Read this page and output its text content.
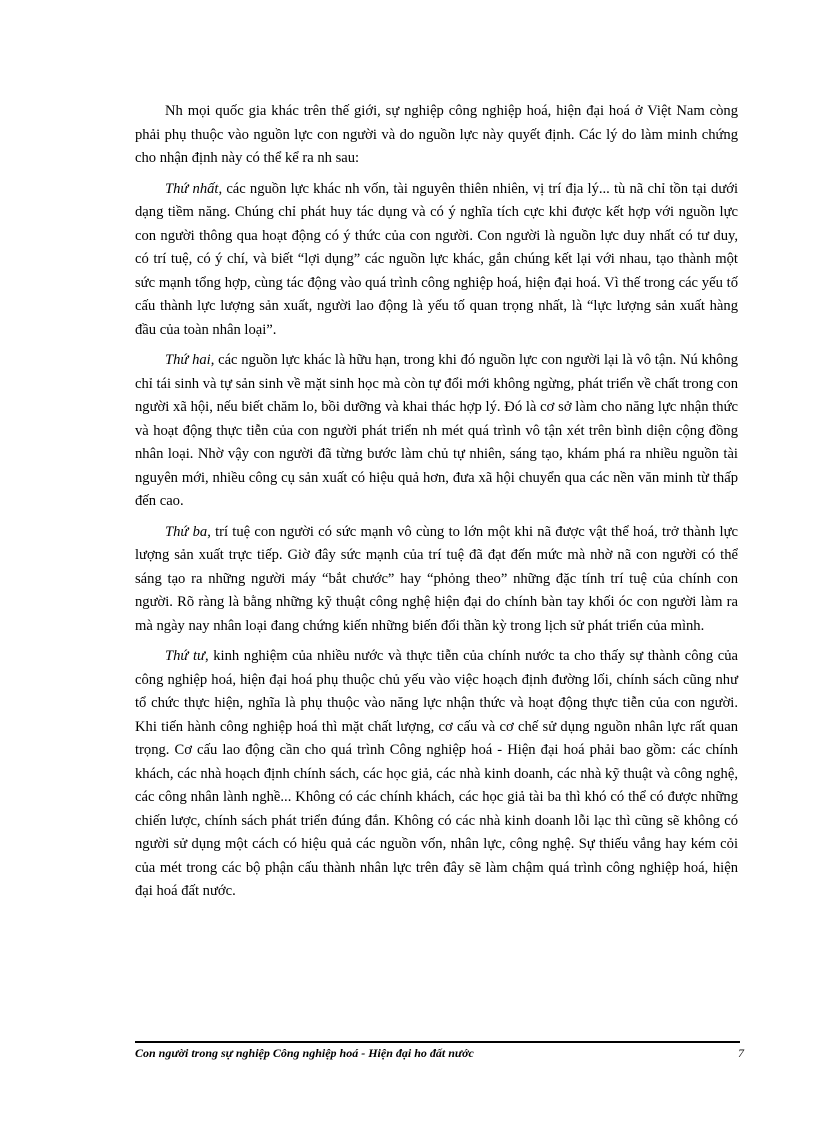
Nh mọi quốc gia khác trên thế giới, sự nghiệp công nghiệp hoá, hiện đại hoá ở Việt Nam còng phải phụ thuộc vào nguồn lực con người và do nguồn lực này quyết định. Các lý do làm minh chứng cho nhận định này có thể kể ra nh sau:

Thứ nhất, các nguồn lực khác nh vốn, tài nguyên thiên nhiên, vị trí địa lý... tù nã chỉ tồn tại dưới dạng tiềm năng. Chúng chỉ phát huy tác dụng và có ý nghĩa tích cực khi được kết hợp với nguồn lực con người thông qua hoạt động có ý thức của con người. Con người là nguồn lực duy nhất có tư duy, có trí tuệ, có ý chí, và biết “lợi dụng” các nguồn lực khác, gắn chúng kết lại với nhau, tạo thành một sức mạnh tổng hợp, cùng tác động vào quá trình công nghiệp hoá, hiện đại hoá. Vì thế trong các yếu tố cấu thành lực lượng sản xuất, người lao động là yếu tố quan trọng nhất, là “lực lượng sản xuất hàng đầu của toàn nhân loại”.

Thứ hai, các nguồn lực khác là hữu hạn, trong khi đó nguồn lực con người lại là vô tận. Nú không chỉ tái sinh và tự sản sinh về mặt sinh học mà còn tự đổi mới không ngừng, phát triển về chất trong con người xã hội, nếu biết chăm lo, bồi dưỡng và khai thác hợp lý. Đó là cơ sở làm cho năng lực nhận thức và hoạt động thực tiễn của con người phát triển nh mét quá trình vô tận xét trên bình diện cộng đồng nhân loại. Nhờ vậy con người đã từng bước làm chủ tự nhiên, sáng tạo, khám phá ra nhiều nguồn tài nguyên mới, nhiều công cụ sản xuất có hiệu quả hơn, đưa xã hội chuyển qua các nền văn minh từ thấp đến cao.

Thứ ba, trí tuệ con người có sức mạnh vô cùng to lớn một khi nã được vật thể hoá, trở thành lực lượng sản xuất trực tiếp. Giờ đây sức mạnh của trí tuệ đã đạt đến mức mà nhờ nã con người có thể sáng tạo ra những người máy “bắt chước” hay “phỏng theo” những đặc tính trí tuệ của chính con người. Rõ ràng là bằng những kỹ thuật công nghệ hiện đại do chính bàn tay khối óc con người làm ra mà ngày nay nhân loại đang chứng kiến những biến đổi thần kỳ trong lịch sử phát triển của mình.

Thứ tư, kinh nghiệm của nhiều nước và thực tiễn của chính nước ta cho thấy sự thành công của công nghiệp hoá, hiện đại hoá phụ thuộc chủ yếu vào việc hoạch định đường lối, chính sách cũng như tổ chức thực hiện, nghĩa là phụ thuộc vào năng lực nhận thức và hoạt động thực tiễn của con người. Khi tiến hành công nghiệp hoá thì mặt chất lượng, cơ cấu và cơ chế sử dụng nguồn nhân lực rất quan trọng. Cơ cấu lao động cần cho quá trình Công nghiệp hoá - Hiện đại hoá phải bao gồm: các chính khách, các nhà hoạch định chính sách, các học giả, các nhà kinh doanh, các nhà kỹ thuật và công nghệ, các công nhân lành nghề... Không có các chính khách, các học giả tài ba thì khó có thể có được những chiến lược, chính sách phát triển đúng đắn. Không có các nhà kinh doanh lỗi lạc thì cũng sẽ không có người sử dụng một cách có hiệu quả các nguồn vốn, nhân lực, công nghệ. Sự thiếu vắng hay kém cỏi của mét trong các bộ phận cấu thành nhân lực trên đây sẽ làm chậm quá trình công nghiệp hoá, hiện đại hoá đất nước.

Con người trong sự nghiệp Công nghiệp hoá - Hiện đại ho đất nước	7
